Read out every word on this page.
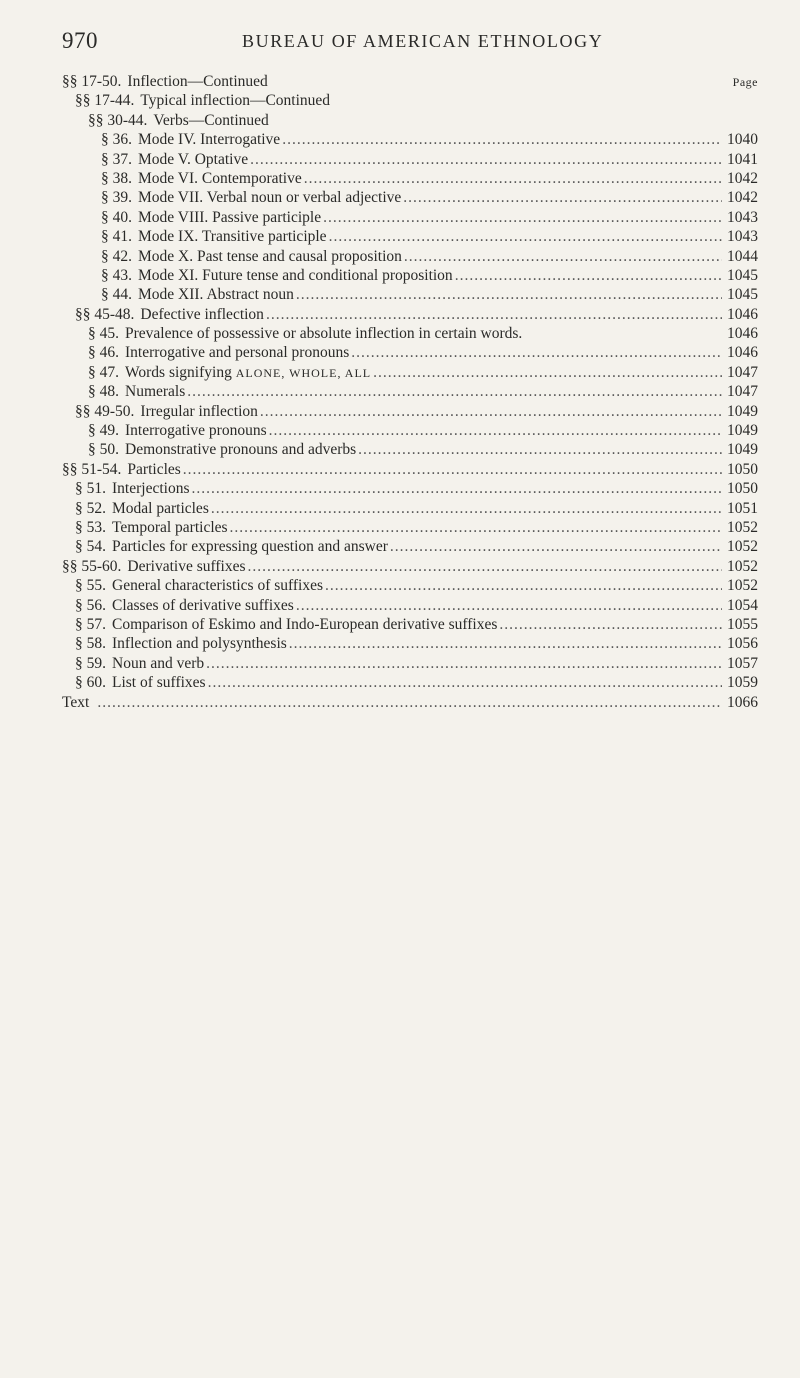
970	BUREAU OF AMERICAN ETHNOLOGY
§§ 17-50. Inflection—Continued	Page
§§ 17-44. Typical inflection—Continued
§§ 30-44. Verbs—Continued
§ 36. Mode IV. Interrogative .....	1040
§ 37. Mode V. Optative .....	1041
§ 38. Mode VI. Contemporative .....	1042
§ 39. Mode VII. Verbal noun or verbal adjective .....	1042
§ 40. Mode VIII. Passive participle .....	1043
§ 41. Mode IX. Transitive participle .....	1043
§ 42. Mode X. Past tense and causal proposition .....	1044
§ 43. Mode XI. Future tense and conditional proposition .....	1045
§ 44. Mode XII. Abstract noun .....	1045
§§ 45-48. Defective inflection .....	1046
§ 45. Prevalence of possessive or absolute inflection in certain words.	1046
§ 46. Interrogative and personal pronouns .....	1046
§ 47. Words signifying ALONE, WHOLE, ALL .....	1047
§ 48. Numerals .....	1047
§§ 49-50. Irregular inflection .....	1049
§ 49. Interrogative pronouns .....	1049
§ 50. Demonstrative pronouns and adverbs .....	1049
§§ 51-54. Particles .....	1050
§ 51. Interjections .....	1050
§ 52. Modal particles .....	1051
§ 53. Temporal particles .....	1052
§ 54. Particles for expressing question and answer .....	1052
§§ 55-60. Derivative suffixes .....	1052
§ 55. General characteristics of suffixes .....	1052
§ 56. Classes of derivative suffixes .....	1054
§ 57. Comparison of Eskimo and Indo-European derivative suffixes .....	1055
§ 58. Inflection and polysynthesis .....	1056
§ 59. Noun and verb .....	1057
§ 60. List of suffixes .....	1059
Text .....	1066
